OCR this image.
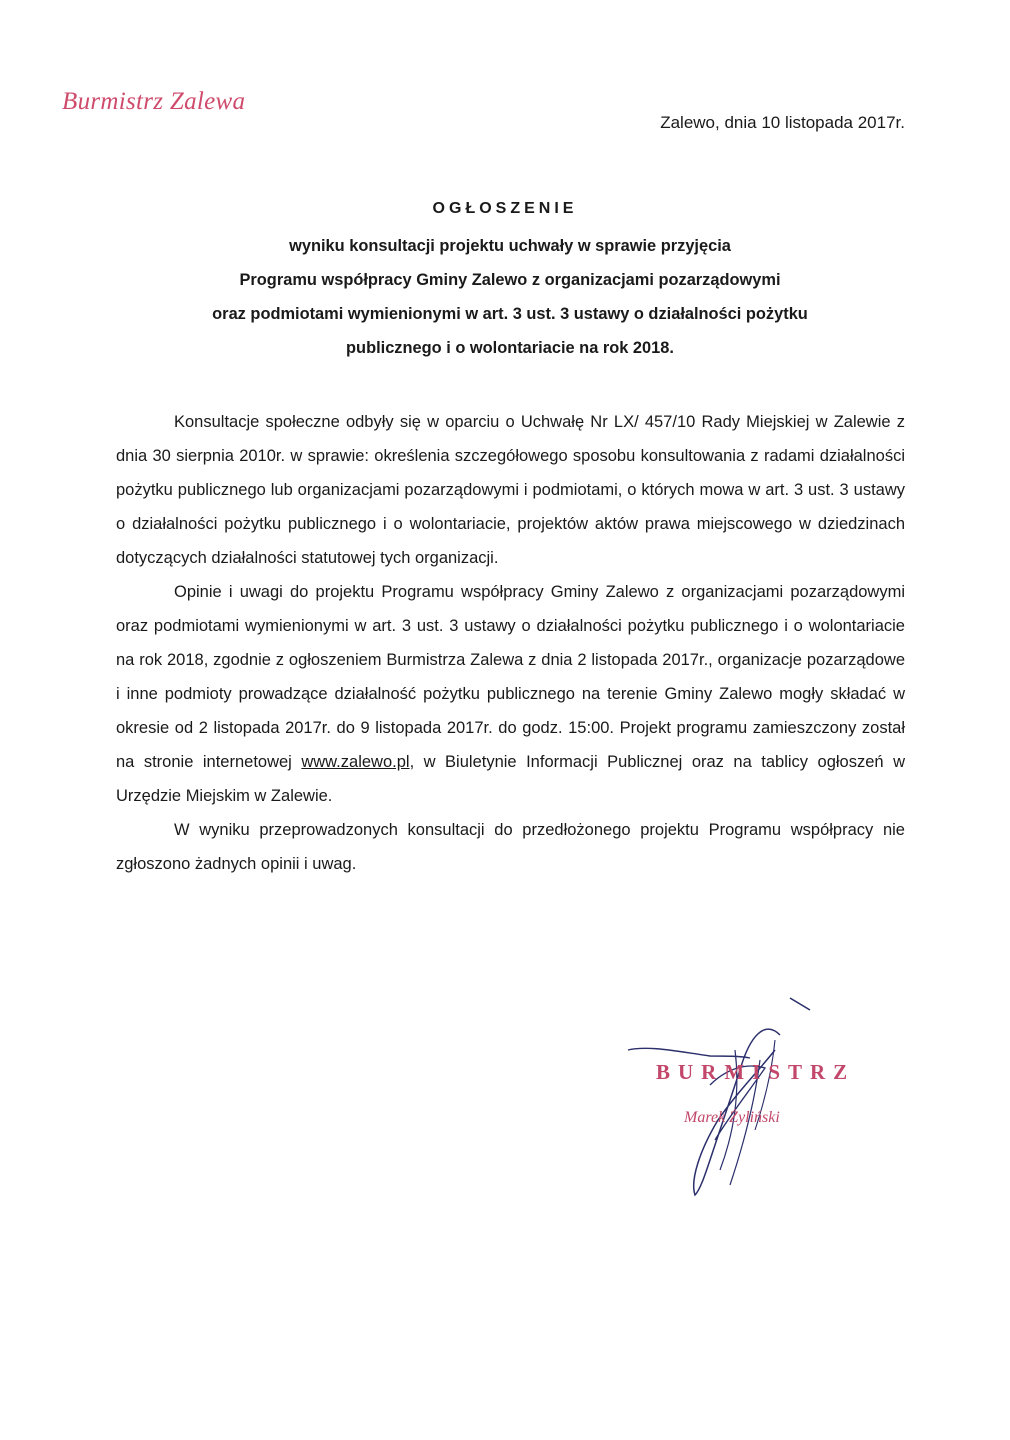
Burmistrz Zalewa
Zalewo, dnia 10 listopada 2017r.
OGŁOSZENIE
wyniku konsultacji projektu uchwały w sprawie przyjęcia
Programu współpracy Gminy Zalewo z organizacjami pozarządowymi
oraz podmiotami wymienionymi w art. 3 ust. 3 ustawy o działalności pożytku
publicznego i o wolontariacie na rok 2018.

Konsultacje społeczne odbyły się w oparciu o Uchwałę Nr LX/ 457/10 Rady Miejskiej w Zalewie z dnia 30 sierpnia 2010r. w sprawie: określenia szczegółowego sposobu konsultowania z radami działalności pożytku publicznego lub organizacjami pozarządowymi i podmiotami, o których mowa w art. 3 ust. 3 ustawy o działalności pożytku publicznego i o wolontariacie, projektów aktów prawa miejscowego w dziedzinach dotyczących działalności statutowej tych organizacji.

Opinie i uwagi do projektu Programu współpracy Gminy Zalewo z organizacjami pozarządowymi oraz podmiotami wymienionymi w art. 3 ust. 3 ustawy o działalności pożytku publicznego i o wolontariacie na rok 2018, zgodnie z ogłoszeniem Burmistrza Zalewa z dnia 2 listopada 2017r., organizacje pozarządowe i inne podmioty prowadzące działalność pożytku publicznego na terenie Gminy Zalewo mogły składać w okresie od 2 listopada 2017r. do 9 listopada 2017r. do godz. 15:00. Projekt programu zamieszczony został na stronie internetowej www.zalewo.pl, w Biuletynie Informacji Publicznej oraz na tablicy ogłoszeń w Urzędzie Miejskim w Zalewie.

W wyniku przeprowadzonych konsultacji do przedłożonego projektu Programu współpracy nie zgłoszono żadnych opinii i uwag.

BURMISTRZ
Marek Żyliński
